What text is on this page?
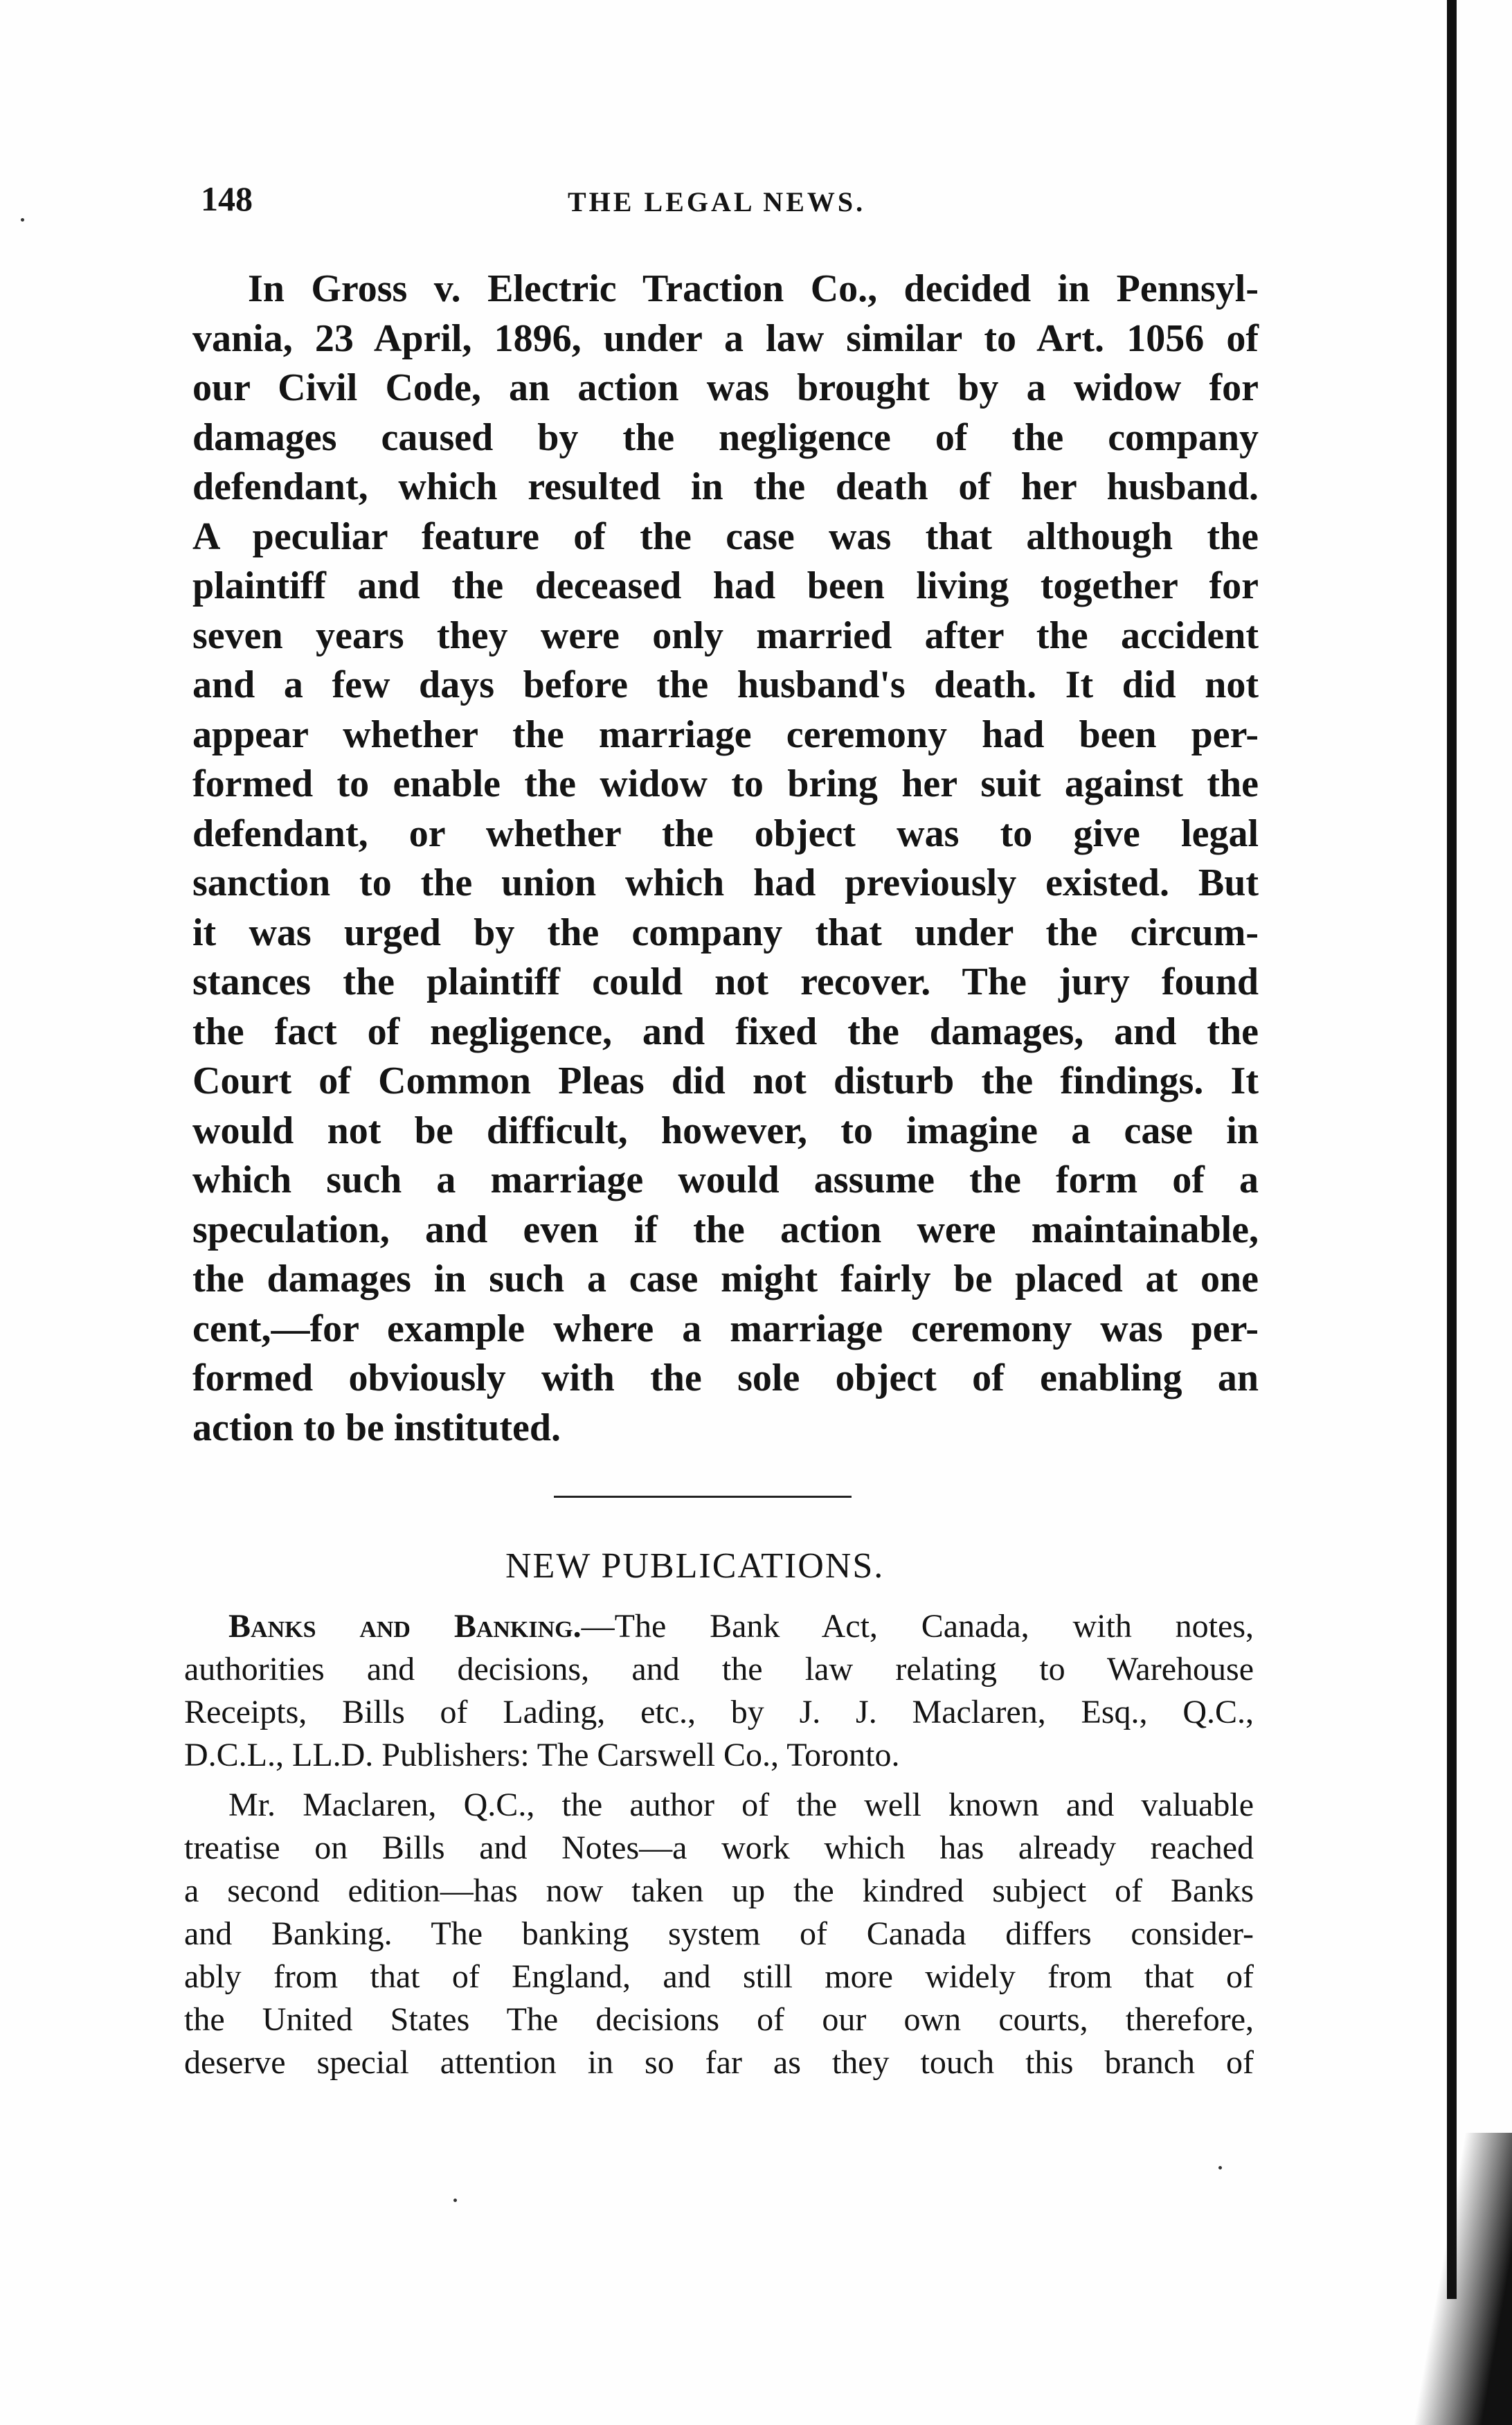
148	THE LEGAL NEWS.
In Gross v. Electric Traction Co., decided in Pennsyl-
vania, 23 April, 1896, under a law similar to Art. 1056 of
our Civil Code, an action was brought by a widow for
damages caused by the negligence of the company
defendant, which resulted in the death of her husband.
A peculiar feature of the case was that although the
plaintiff and the deceased had been living together for
seven years they were only married after the accident
and a few days before the husband's death. It did not
appear whether the marriage ceremony had been per-
formed to enable the widow to bring her suit against the
defendant, or whether the object was to give legal
sanction to the union which had previously existed. But
it was urged by the company that under the circum-
stances the plaintiff could not recover. The jury found
the fact of negligence, and fixed the damages, and the
Court of Common Pleas did not disturb the findings. It
would not be difficult, however, to imagine a case in
which such a marriage would assume the form of a
speculation, and even if the action were maintainable,
the damages in such a case might fairly be placed at one
cent,—for example where a marriage ceremony was per-
formed obviously with the sole object of enabling an
action to be instituted.
NEW PUBLICATIONS.
Banks and Banking.—The Bank Act, Canada, with notes,
authorities and decisions, and the law relating to Warehouse
Receipts, Bills of Lading, etc., by J. J. Maclaren, Esq., Q.C.,
D.C.L., LL.D. Publishers: The Carswell Co., Toronto.
Mr. Maclaren, Q.C., the author of the well known and valuable
treatise on Bills and Notes—a work which has already reached
a second edition—has now taken up the kindred subject of Banks
and Banking. The banking system of Canada differs consider-
ably from that of England, and still more widely from that of
the United States The decisions of our own courts, therefore,
deserve special attention in so far as they touch this branch of
